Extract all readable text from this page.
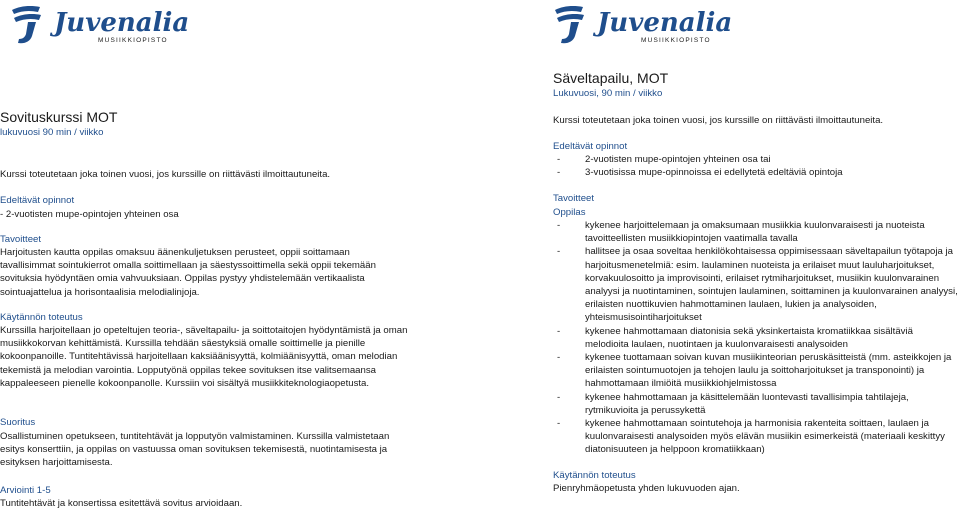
Juvenalia
MUSIIKKIOPISTO
Sovituskurssi MOT
lukuvuosi 90 min / viikko

Kurssi toteutetaan joka toinen vuosi, jos kurssille on riittävästi ilmoittautuneita.

Edeltävät opinnot
- 2-vuotisten mupe-opintojen yhteinen osa
Tavoitteet

Harjoitusten kautta oppilas omaksuu äänenkuljetuksen perusteet, oppii soittamaan tavallisimmat sointukierrot omalla soittimellaan ja säestyssoittimella sekä oppii tekemään sovituksia hyödyntäen omia vahvuuksiaan. Oppilas pystyy yhdistelemään vertikaalista sointuajattelua ja horisontaalisia melodialinjoja.

Käytännön toteutus

Kurssilla harjoitellaan jo opeteltujen teoria-, säveltapailu- ja soittotaitojen hyödyntämistä ja oman musiikkokorvan kehittämistä. Kurssilla tehdään säestyksiä omalle soittimelle ja pienille kokoonpanoille. Tuntitehtävissä harjoitellaan kaksiäänisyyttä, kolmiäänisyyttä, oman melodian tekemistä ja melodian varointia. Lopputyönä oppilas tekee sovituksen itse valitsemaansa kappaleeseen pienelle kokoonpanolle. Kurssiin voi sisältyä musiikkiteknologiaopetusta.

Suoritus

Osallistuminen opetukseen, tuntitehtävät ja lopputyön valmistaminen. Kurssilla valmistetaan esitys konserttiin, ja oppilas on vastuussa oman sovituksen tekemisestä, nuotintamisesta ja esityksen harjoittamisesta.

Arviointi 1-5
Tuntitehtävät ja konsertissa esitettävä sovitus arvioidaan.
Juvenalia
MUSIIKKIOPISTO
Säveltapailu, MOT
Lukuvuosi, 90 min / viikko

Kurssi toteutetaan joka toinen vuosi, jos kurssille on riittävästi ilmoittautuneita.

Edeltävät opinnot
- 2-vuotisten mupe-opintojen yhteinen osa tai
- 3-vuotisissa mupe-opinnoissa ei edellytetä edeltäviä opintoja
Tavoitteet
Oppilas
- kykenee harjoittelemaan ja omaksumaan musiikkia kuulonvaraisesti ja nuoteista tavoitteellisten musiikkiopintojen vaatimalla tavalla
- hallitsee ja osaa soveltaa henkilökohtaisessa oppimisessaan säveltapailun työtapoja ja harjoitusmenetelmiä: esim. laulaminen nuoteista ja erilaiset muut lauluharjoitukset, korvakuulosoitto ja improvisointi, erilaiset rytmiharjoitukset, musiikin kuulonvarainen analyysi ja nuotintaminen, sointujen laulaminen, soittaminen ja kuulonvarainen analyysi, erilaisten nuottikuvien hahmottaminen laulaen, lukien ja analysoiden, yhteismusisointiharjoitukset
- kykenee hahmottamaan diatonisia sekä yksinkertaista kromatiikkaa sisältäviä melodioita laulaen, nuotintaen ja kuulonvaraisesti analysoiden
- kykenee tuottamaan soivan kuvan musiikinteorian peruskäsitteistä (mm. asteikkojen ja erilaisten sointumuotojen ja tehojen laulu ja soittoharjoitukset ja transponointi) ja hahmottamaan ilmiöitä musiikkiohjelmistossa
- kykenee hahmottamaan ja käsittelemään luontevasti tavallisimpia tahtilajeja, rytmikuvioita ja perussykettä
- kykenee hahmottamaan sointutehoja ja harmonisia rakenteita soittaen, laulaen ja kuulonvaraisesti analysoiden myös elävän musiikin esimerkeistä (materiaali keskittyy diatonisuuteen ja helppoon kromatiikkaan)
Käytännön toteutus
Pienryhmäopetusta yhden lukuvuoden ajan.
